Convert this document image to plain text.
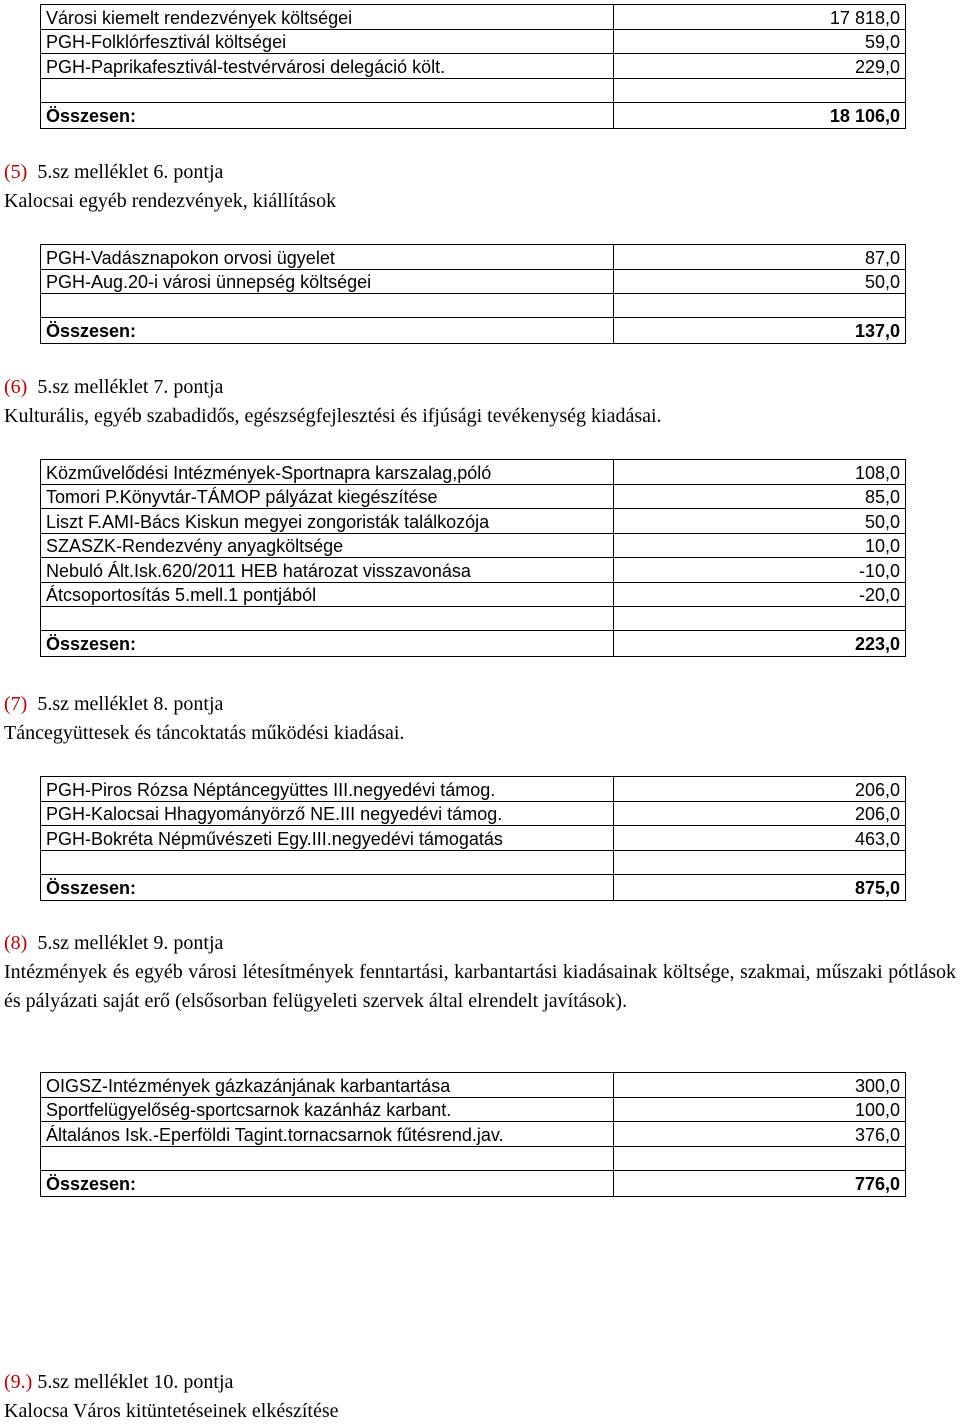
Városi kiemelt rendezvények költségei	17 818,0
PGH-Folklórfesztivál költségei	59,0
PGH-Paprikafesztivál-testvérvárosi delegáció költ.	229,0

Összesen:	18 106,0

(5) 5.sz melléklet 6. pontja

Kalocsai egyéb rendezvények, kiállítások

PGH-Vadásznapokon orvosi ügyelet	87,0
PGH-Aug.20-i városi ünnepség költségei	50,0

Összesen:	137,0

(6) 5.sz melléklet 7. pontja

Kulturális, egyéb szabadidős, egészségfejlesztési és ifjúsági tevékenység kiadásai.

Közművelődési Intézmények-Sportnapra karszalag,póló	108,0
Tomori P.Könyvtár-TÁMOP pályázat kiegészítése	85,0
Liszt F.AMI-Bács Kiskun megyei zongoristák találkozója	50,0
SZASZK-Rendezvény anyagköltsége	10,0
Nebuló Ált.Isk.620/2011 HEB határozat visszavonása	-10,0
Átcsoportosítás 5.mell.1 pontjából	-20,0

Összesen:	223,0

(7) 5.sz melléklet 8. pontja

Táncegyüttesek és táncoktatás működési kiadásai.

PGH-Piros Rózsa Néptáncegyüttes III.negyedévi támog.	206,0
PGH-Kalocsai Hhagyományörző NE.III negyedévi támog.	206,0
PGH-Bokréta Népművészeti Egy.III.negyedévi támogatás	463,0

Összesen:	875,0

(8) 5.sz melléklet 9. pontja

Intézmények és egyéb városi létesítmények fenntartási, karbantartási kiadásainak költsége, szakmai, műszaki pótlások és pályázati saját erő (elsősorban felügyeleti szervek által elrendelt javítások).

OIGSZ-Intézmények gázkazánjának karbantartása	300,0
Sportfelügyelőség-sportcsarnok kazánház karbant.	100,0
Általános Isk.-Eperföldi Tagint.tornacsarnok fűtésrend.jav.	376,0

Összesen:	776,0

(9.) 5.sz melléklet 10. pontja

Kalocsa Város kitüntetéseinek elkészítése
